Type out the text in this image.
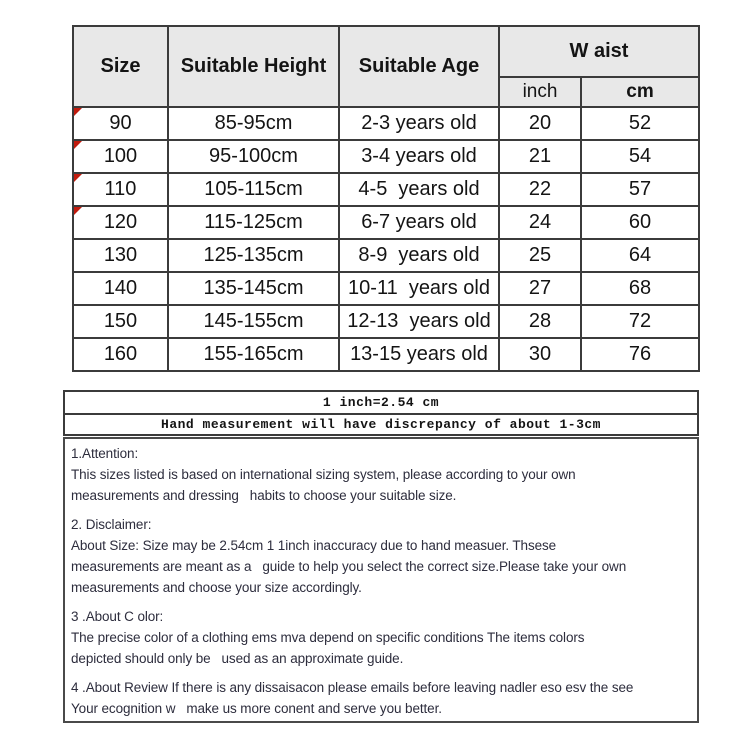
Size	Suitable Height	Suitable Age	W aist	
			inch	cm
90	85-95cm	2-3 years old	20	52
100	95-100cm	3-4 years old	21	54
110	105-115cm	4-5  years old	22	57
120	115-125cm	6-7 years old	24	60
130	125-135cm	8-9  years old	25	64
140	135-145cm	10-11  years old	27	68
150	145-155cm	12-13  years old	28	72
160	155-165cm	13-15 years old	30	76
1 inch=2.54 cm
Hand measurement will have discrepancy of about 1-3cm
1.Attention:
This sizes listed is based on international sizing system, please according to your own
measurements and dressing   habits to choose your suitable size.
2. Disclaimer:
About Size: Size may be 2.54cm 1 1inch inaccuracy due to hand measuer. Thsese
measurements are meant as a   guide to help you select the correct size.Please take your own
measurements and choose your size accordingly.
3 .About C olor:
The precise color of a clothing ems mva depend on specific conditions The items colors
depicted should only be   used as an approximate guide.
4 .About Review If there is any dissaisacon please emails before leaving nadler eso esv the see
Your ecognition w   make us more conent and serve you better.
